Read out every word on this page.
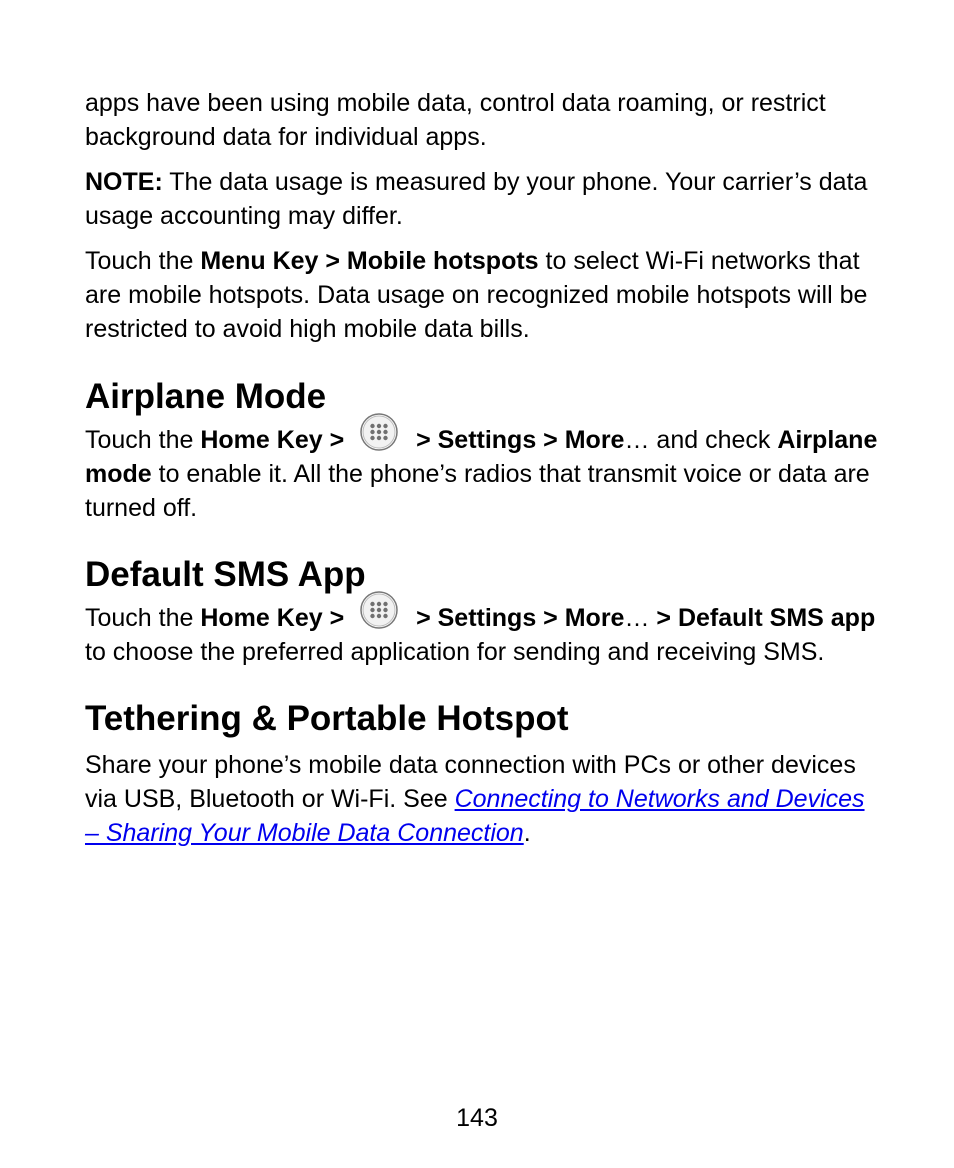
apps have been using mobile data, control data roaming, or restrict background data for individual apps.

NOTE: The data usage is measured by your phone. Your carrier’s data usage accounting may differ.

Touch the Menu Key > Mobile hotspots to select Wi-Fi networks that are mobile hotspots. Data usage on recognized mobile hotspots will be restricted to avoid high mobile data bills.

Airplane Mode

Touch the Home Key >
> Settings > More… and check Airplane mode to enable it. All the phone’s radios that transmit voice or data are turned off.

Default SMS App

Touch the Home Key >
> Settings > More… > Default SMS app to choose the preferred application for sending and receiving SMS.

Tethering & Portable Hotspot

Share your phone’s mobile data connection with PCs or other devices via USB, Bluetooth or Wi-Fi. See Connecting to Networks and Devices – Sharing Your Mobile Data Connection.

143
